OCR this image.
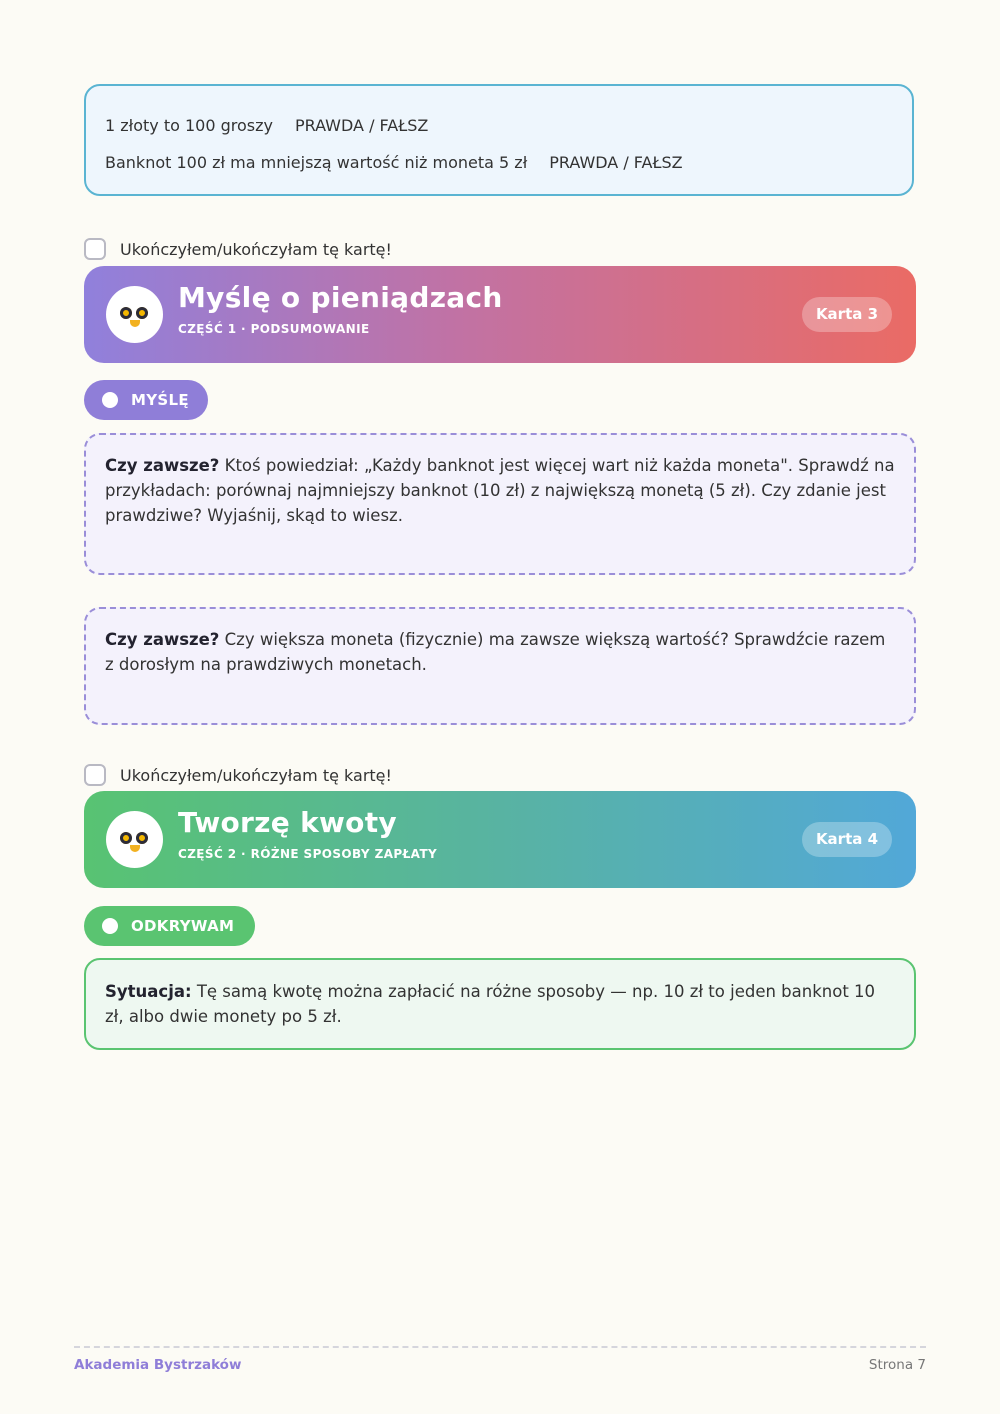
1 złoty to 100 groszy PRAWDA / FAŁSZ
Banknot 100 zł ma mniejszą wartość niż moneta 5 zł PRAWDA / FAŁSZ
Ukończyłem/ukończyłam tę kartę!
Myślę o pieniądzach
CZĘŚĆ 1 · PODSUMOWANIE
Karta 3
MYŚLĘ
Czy zawsze? Ktoś powiedział: „Każdy banknot jest więcej wart niż każda moneta". Sprawdź na przykładach: porównaj najmniejszy banknot (10 zł) z największą monetą (5 zł). Czy zdanie jest prawdziwe? Wyjaśnij, skąd to wiesz.
Czy zawsze? Czy większa moneta (fizycznie) ma zawsze większą wartość? Sprawdźcie razem z dorosłym na prawdziwych monetach.
Ukończyłem/ukończyłam tę kartę!
Tworzę kwoty
CZĘŚĆ 2 · RÓŻNE SPOSOBY ZAPŁATY
Karta 4
ODKRYWAM
Sytuacja: Tę samą kwotę można zapłacić na różne sposoby — np. 10 zł to jeden banknot 10 zł, albo dwie monety po 5 zł.
Akademia Bystrzaków	Strona 7
